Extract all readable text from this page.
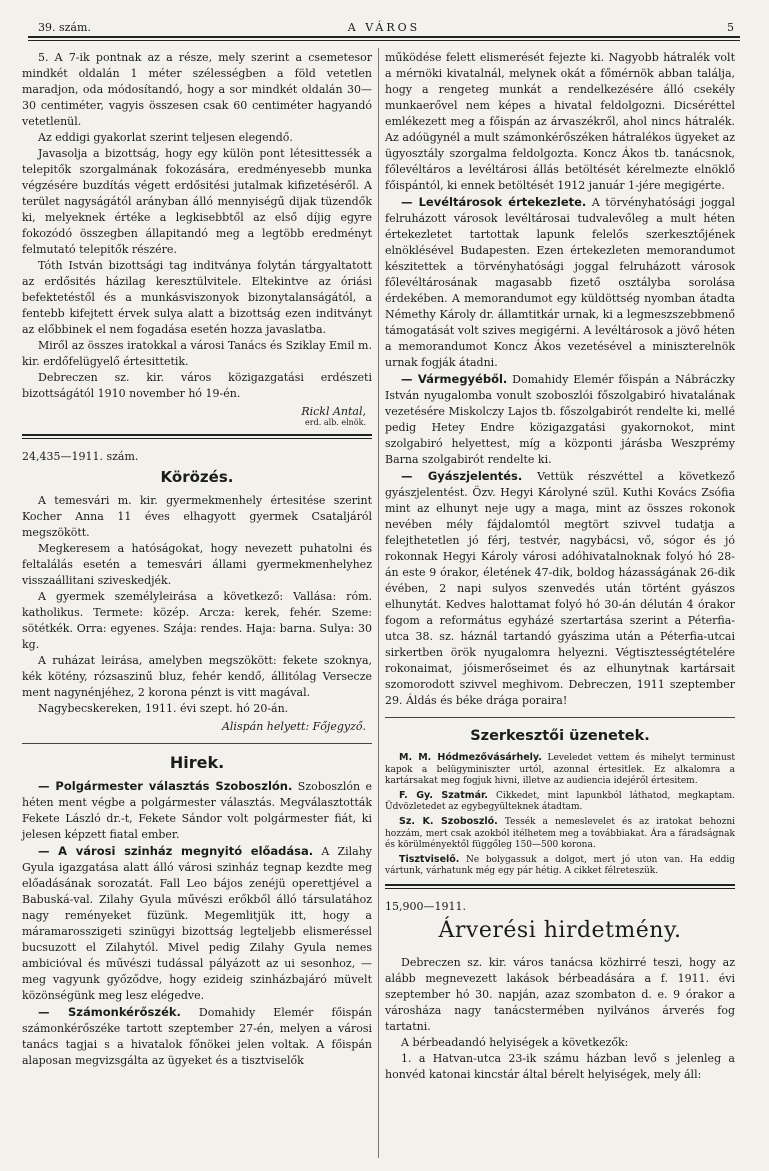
39. szám.	A VÁROS	5

5. A 7-ik pontnak az a része, mely szerint a csemetesor mindkét oldalán 1 méter szélességben a föld vetetlen maradjon, oda módosítandó, hogy a sor mindkét oldalán 30—30 centiméter, vagyis összesen csak 60 centiméter hagyandó vetetlenül.

Az eddigi gyakorlat szerint teljesen elegendő.

Javasolja a bizottság, hogy egy külön pont létesittessék a telepitők szorgalmának fokozására, eredményesebb munka végzésére buzdítás végett erdősitési jutalmak kifizetéséről. A terület nagyságától arányban álló mennyiségű dijak tüzendők ki, melyeknek értéke a legkisebbtől az első díjig egyre fokozódó összegben állapitandó meg a legtöbb eredményt felmutató telepitők részére.

Tóth István bizottsági tag inditványa folytán tárgyaltatott az erdősités házilag keresztülvitele. Eltekintve az óriási befektetéstől és a munkásviszonyok bizonytalanságától, a fentebb kifejtett érvek sulya alatt a bizottság ezen inditványt az előbbinek el nem fogadása esetén hozza javaslatba.

Miről az összes iratokkal a városi Tanács és Sziklay Emil m. kir. erdőfelügyelő értesittetik.

Debreczen sz. kir. város közigazgatási erdészeti bizottságától 1910 november hó 19-én.

Rickl Antal,

erd. alb. elnök.

24,435—1911. szám.

Körözés.

A temesvári m. kir. gyermekmenhely értesitése szerint Kocher Anna 11 éves elhagyott gyermek Csatalјáról megszökött.

Megkeresem a hatóságokat, hogy nevezett puhatolni és feltalálás esetén a temesvári állami gyermekmenhelyhez visszaállitani sziveskedjék.

A gyermek személyleirása a következő: Vallása: róm. katholikus. Termete: közép. Arcza: kerek, fehér. Szeme: sötétkék. Orra: egyenes. Szája: rendes. Haja: barna. Sulya: 30 kg.

A ruházat leirása, amelyben megszökött: fekete szoknya, kék kötény, rózsaszinű bluz, fehér kendő, állitólag Versecze ment nagynénjéhez, 2 korona pénzt is vitt magával.

Nagybecskereken, 1911. évi szept. hó 20-án.

Alispán helyett: Főjegyző.

Hirek.

— Polgármester választás Szoboszlón. Szoboszlón e héten ment végbe a polgármester választás. Megválasztották Fekete László dr.-t, Fekete Sándor volt polgármester fiát, ki jelesen képzett fiatal ember.

— A városi szinház megnyitó előadása. A Zilahy Gyula igazgatása alatt álló városi szinház tegnap kezdte meg előadásának sorozatát. Fall Leo bájos zenéjü operettjével a Babuská-val. Zilahy Gyula művészi erőkből álló társulatához nagy reményeket füzünk. Megemlitjük itt, hogy a máramarosszigeti szinügyi bizottság legteljebb elismeréssel bucsuzott el Zilahytól. Mivel pedig Zilahy Gyula nemes ambicióval és művészi tudással pályázott az ui sesonhoz, — meg vagyunk győződve, hogy ezideig szinházbajáró müvelt közönségünk meg lesz elégedve.

— Számonkérőszék. Domahidy Elemér főispán számonkérőszéke tartott szeptember 27-én, melyen a városi tanács tagjai s a hivatalok főnökei jelen voltak. A főispán alaposan megvizsgálta az ügyeket és a tisztviselők

működése felett elismerését fejezte ki. Nagyobb hátralék volt a mérnöki kivatalnál, melynek okát a főmérnök abban találja, hogy a rengeteg munkát a rendelkezésére álló csekély munkaerővel nem képes a hivatal feldolgozni. Dicséréttel emlékezett meg a főispán az árvaszékről, ahol nincs hátralék. Az adóügynél a mult számonkérőszéken hátralékos ügyeket az ügyosztály szorgalma feldolgozta. Koncz Ákos tb. tanácsnok, főlevéltáros a levéltárosi állás betöltését kérelmezte elnöklő főispántól, ki ennek betöltését 1912 január 1-jére megigérte.

— Levéltárosok értekezlete. A törvényhatósági joggal felruházott városok levéltárosai tudvalevőleg a mult héten értekezletet tartottak lapunk felelős szerkesztőjének elnöklésével Budapesten. Ezen értekezleten memorandumot készitettek a törvényhatósági joggal felruházott városok főlevéltárosának magasabb fizető osztályba sorolása érdekében. A memorandumot egy küldöttség nyomban átadta Némethy Károly dr. államtitkár urnak, ki a legmeszszebbmenő támogatását volt szives megigérni. A levéltárosok a jövő héten a memorandumot Koncz Ákos vezetésével a miniszterelnök urnak fogják átadni.

— Vármegyéből. Domahidy Elemér főispán a Nábráczky István nyugalomba vonult szoboszlói főszolgabiró hivatalának vezetésére Miskolczy Lajos tb. főszolgabirót rendelte ki, mellé pedig Hetey Endre közigazgatási gyakornokot, mint szolgabiró helyettest, míg a központi járásba Weszprémy Barna szolgabirót rendelte ki.

— Gyászjelentés. Vettük részvéttel a következő gyászjelentést. Özv. Hegyi Károlyné szül. Kuthi Kovács Zsófia mint az elhunyt neje ugy a maga, mint az összes rokonok nevében mély fájdalomtól megtört szivvel tudatja a felejthetetlen jó férj, testvér, nagybácsi, vő, sógor és jó rokonnak Hegyi Károly városi adóhivatalnoknak folyó hó 28-án este 9 órakor, életének 47-dik, boldog házasságának 26-dik évében, 2 napi sulyos szenvedés után történt gyászos elhunytát. Kedves halottamat folyó hó 30-án délután 4 órakor fogom a református egyházé szertartása szerint a Péterfia-utca 38. sz. háznál tartandó gyászima után a Péterfia-utcai sirkertben örök nyugalomra helyezni. Végtisztességtételére rokonaimat, jóismerőseimet és az elhunytnak kartársait szomorodott szivvel meghivom. Debreczen, 1911 szeptember 29. Áldás és béke drága poraira!

Szerkesztői üzenetek.

M. M. Hódmezővásárhely. Leveledet vettem és mihelyt terminust kapok a belügyminiszter urtól, azonnal értesitlek. Ez alkalomra a kartársakat meg fogjuk hivni, illetve az audiencia idejéről értesitem.

F. Gy. Szatmár. Cikkedet, mint lapunkból láthatod, megkaptam. Üdvözletedet az egybegyülteknek átadtam.

Sz. K. Szoboszló. Tessék a nemeslevelet és az iratokat behozni hozzám, mert csak azokból itélhetem meg a továbbiakat. Ára a fáradságnak és körülményektől függőleg 150—500 korona.

Tisztviselő. Ne bolygassuk a dolgot, mert jó uton van. Ha eddig vártunk, várhatunk még egy pár hétig. A cikket félreteszük.

15,900—1911.

Árverési hirdetmény.

Debreczen sz. kir. város tanácsa közhirré teszi, hogy az alább megnevezett lakások bérbeadására a f. 1911. évi szeptember hó 30. napján, azaz szombaton d. e. 9 órakor a városháza nagy tanácstermében nyilvános árverés fog tartatni.

A bérbeadandó helyiségek a következők:

1. a Hatvan-utca 23-ik számu házban levő s jelenleg a honvéd katonai kincstár által bérelt helyiségek, mely áll:
